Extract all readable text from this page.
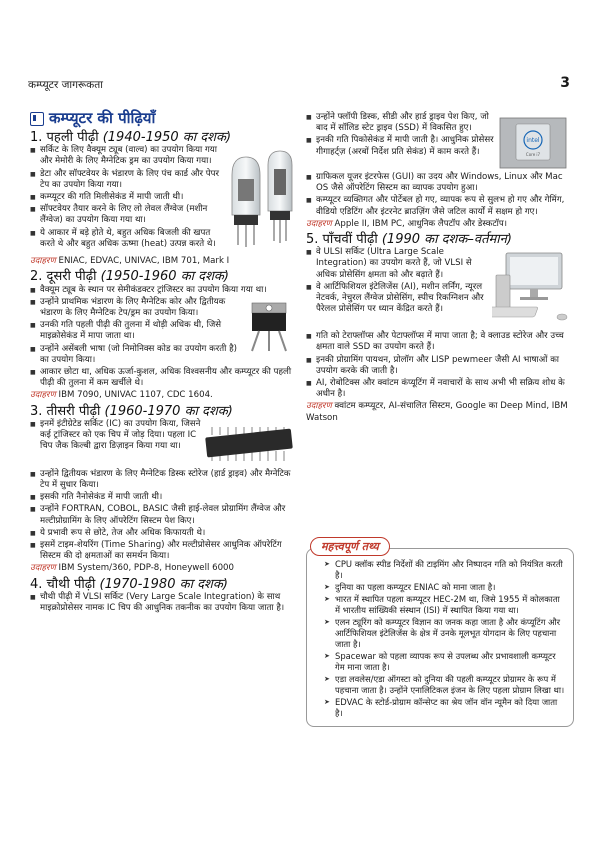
कम्प्यूटर जागरूकता	3
कम्प्यूटर की पीढ़ियाँ
1. पहली पीढ़ी (1940-1950 का दशक)
■ सर्किट के लिए वैक्यूम ट्यूब (वाल्व) का उपयोग किया गया और मेमोरी के लिए मैग्नेटिक ड्रम का उपयोग किया गया।
■ डेटा और सॉफ्टवेयर के भंडारण के लिए पंच कार्ड और पेपर टेप का उपयोग किया गया।
■ कम्प्यूटर की गति मिलीसेकंड में मापी जाती थी।
■ सॉफ्टवेयर तैयार करने के लिए लो लेवल लैंग्वेज (मशीन लैंग्वेज) का उपयोग किया गया था।
■ ये आकार में बड़े होते थे, बहुत अधिक बिजली की खपत करते थे और बहुत अधिक ऊष्मा (heat) उत्पन्न करते थे।
उदाहरण ENIAC, EDVAC, UNIVAC, IBM 701, Mark I
2. दूसरी पीढ़ी (1950-1960 का दशक)
■ वैक्यूम ट्यूब के स्थान पर सेमीकंडक्टर ट्रांजिस्टर का उपयोग किया गया था।
■ उन्होंने प्राथमिक भंडारण के लिए मैग्नेटिक कोर और द्वितीयक भंडारण के लिए मैग्नेटिक टेप/ड्रम का उपयोग किया।
■ उनकी गति पहली पीढ़ी की तुलना में थोड़ी अधिक थी, जिसे माइक्रोसेकंड में मापा जाता था।
■ उन्होंने असेंबली भाषा (जो निमोनिक्स कोड का उपयोग करती है) का उपयोग किया।
■ आकार छोटा था, अधिक ऊर्जा-कुशल, अधिक विश्वसनीय और कम्प्यूटर की पहली पीढ़ी की तुलना में कम खर्चीले थे।
उदाहरण IBM 7090, UNIVAC 1107, CDC 1604.
3. तीसरी पीढ़ी (1960-1970 का दशक)
■ इनमें इंटीग्रेटेड सर्किट (IC) का उपयोग किया, जिसने कई ट्रांजिस्टर को एक चिप में जोड़ दिया। पहला IC चिप जैक किल्बी द्वारा डिज़ाइन किया गया था।
■ उन्होंने द्वितीयक भंडारण के लिए मैग्नेटिक डिस्क स्टोरेज (हार्ड ड्राइव) और मैग्नेटिक टेप में सुधार किया।
■ इसकी गति नैनोसेकंड में मापी जाती थी।
■ उन्होंने FORTRAN, COBOL, BASIC जैसी हाई-लेवल प्रोग्रामिंग लैंग्वेज और मल्टीप्रोग्रामिंग के लिए ऑपरेटिंग सिस्टम पेश किए।
■ ये प्रभावी रूप से छोटे, तेज और अधिक किफायती थे।
■ इसमें टाइम-शेयरिंग (Time Sharing) और मल्टीप्रोसेसर आधुनिक ऑपरेटिंग सिस्टम की दो क्षमताओं का समर्थन किया।
उदाहरण IBM System/360, PDP-8, Honeywell 6000
4. चौथी पीढ़ी (1970-1980 का दशक)
■ चौथी पीढ़ी में VLSI सर्किट (Very Large Scale Integration) के साथ माइक्रोप्रोसेसर नामक IC चिप की आधुनिक तकनीक का उपयोग किया जाता है।
■ उन्होंने फ्लॉपी डिस्क, सीडी और हार्ड ड्राइव पेश किए, जो बाद में सॉलिड स्टेट ड्राइव (SSD) में विकसित हुए।
■ इनकी गति पिकोसेकंड में मापी जाती है। आधुनिक प्रोसेसर गीगाहर्ट्ज़ (अरबों निर्देश प्रति सेकंड) में काम करते हैं।
intel
Core i7
■ ग्राफिकल यूजर इंटरफेस (GUI) का उदय और Windows, Linux और Mac OS जैसे ऑपरेटिंग सिस्टम का व्यापक उपयोग हुआ।
■ कम्प्यूटर व्यक्तिगत और पोर्टेबल हो गए, व्यापक रूप से सुलभ हो गए और गेमिंग, वीडियो एडिटिंग और इंटरनेट ब्राउज़िंग जैसे जटिल कार्यों में सक्षम हो गए।
उदाहरण Apple II, IBM PC, आधुनिक लैपटॉप और डेस्कटॉप।
5. पाँचवीं पीढ़ी (1990 का दशक–वर्तमान)
■ वे ULSI सर्किट (Ultra Large Scale Integration) का उपयोग करते हैं, जो VLSI से अधिक प्रोसेसिंग क्षमता को और बढ़ाते हैं।
■ वे आर्टिफिशियल इंटेलिजेंस (AI), मशीन लर्निंग, न्यूरल नेटवर्क, नेचुरल लैंग्वेज प्रोसेसिंग, स्पीच रिकग्निशन और पैरेलल प्रोसेसिंग पर ध्यान केंद्रित करते हैं।
■ गति को टेराफ्लॉप्स और पेटाफ्लॉप्स में मापा जाता है; वे क्लाउड स्टोरेज और उच्च क्षमता वाले SSD का उपयोग करते हैं।
■ इनकी प्रोग्रामिंग पायथन, प्रोलॉग और LISP pewmeer जैसी AI भाषाओं का उपयोग करके की जाती है।
■ AI, रोबोटिक्स और क्वांटम कंप्यूटिंग में नवाचारों के साथ अभी भी सक्रिय शोध के अधीन है।
उदाहरण क्वांटम कम्प्यूटर, AI-संचालित सिस्टम, Google का Deep Mind, IBM Watson
महत्त्वपूर्ण तथ्य
➤ CPU क्लॉक स्पीड निर्देशों की टाइमिंग और निष्पादन गति को नियंत्रित करती है।
➤ दुनिया का पहला कम्प्यूटर ENIAC को माना जाता है।
➤ भारत में स्थापित पहला कम्प्यूटर HEC-2M था, जिसे 1955 में कोलकाता में भारतीय सांख्यिकी संस्थान (ISI) में स्थापित किया गया था।
➤ एलन ट्यूरिंग को कम्प्यूटर विज्ञान का जनक कहा जाता है और कंप्यूटिंग और आर्टिफिशियल इंटेलिजेंस के क्षेत्र में उनके मूलभूत योगदान के लिए पहचाना जाता है।
➤ Spacewar को पहला व्यापक रूप से उपलब्ध और प्रभावशाली कम्प्यूटर गेम माना जाता है।
➤ एडा लवलेस/एडा ऑगस्टा को दुनिया की पहली कम्प्यूटर प्रोग्रामर के रूप में पहचाना जाता है। उन्होंने एनालिटिकल इंजन के लिए पहला प्रोग्राम लिखा था।
➤ EDVAC के स्टोर्ड-प्रोग्राम कॉन्सेप्ट का श्रेय जॉन वॉन न्यूमैन को दिया जाता है।
